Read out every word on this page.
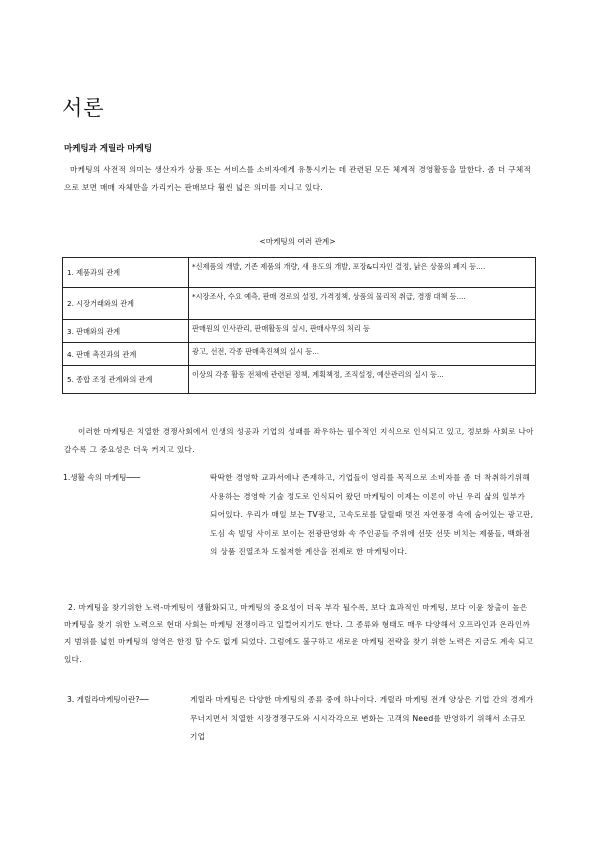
서론
마케팅과 게릴라 마케팅
마케팅의 사전적 의미는 생산자가 상품 또는 서비스를 소비자에게 유통시키는 데 관련된 모든 체계적 경영활동을 말한다. 좀 더 구체적으로 보면 매매 자체만을 가리키는 판매보다 훨씬 넓은 의미를 지니고 있다.
<마케팅의 여러 관계>
1. 제품과의 관계	*신제품의 개발, 기존 제품의 개량, 새 용도의 개발, 포장&디자인 결정, 낡은 상품의 폐지 등....
2. 시장거래와의 관계	*시장조사, 수요 예측, 판매 경로의 설정, 가격정책, 상품의 물리적 취급, 경쟁 대책 등....
3. 판매와의 관계	판매원의 인사관리, 판매활동의 실시, 판매사무의 처리 등
4. 판매 촉진과의 관계	광고, 선전, 각종 판매촉진책의 실시 등...
5. 종합 조정 관계와의 관계	이상의 각종 활동 전체에 관련된 정책, 계획책정, 조직설정, 예산관리의 실시 등...
이러한 마케팅은 치열한 경쟁사회에서 인생의 성공과 기업의 성패를 좌우하는 필수적인 지식으로 인식되고 있고, 정보화 사회로 나아 갈수록 그 중요성은 더욱 커지고 있다.
1.생활 속의 마케팅───	딱딱한 경영학 교과서에나 존재하고, 기업들이 영리를 목적으로 소비자를 좀 더 착취하기위해 사용하는 경영학 기술 정도로 인식되어 왔던 마케팅이 이제는 이론이 아닌 우리 삶의 일부가 되어있다. 우리가 매일 보는 TV광고, 고속도로를 달릴때 멋진 자연풍경 속에 숨어있는 광고판, 도심 속 빌딩 사이로 보이는 전광판영화 속 주인공들 주위에 선뜻 선뜻 비치는 제품들, 백화점의 상품 진열조차 도철저한 계산을 전제로 한 마케팅이다.
2. 마케팅을 찾기위한 노력-마케팅이 생활화되고, 마케팅의 중요성이 더욱 부각 될수록, 보다 효과적인 마케팅, 보다 이윤 창출이 높은 마케팅을 찾기 위한 노력으로 현대 사회는 마케팅 전쟁이라고 일컬어지기도 한다. 그 종류와 형태도 매우 다양해서 오프라인과 온라인까지 범위를 넓힌 마케팅의 영역은 한정 할 수도 없게 되었다. 그럼에도 불구하고 새로운 마케팅 전략을 찾기 위한 노력은 지금도 계속 되고 있다.
3. 게릴라마케팅이란?──	게릴라 마케팅은 다양한 마케팅의 종류 중에 하나이다. 게릴라 마케팅 전개 양상은 기업 간의 경계가 무너지면서 치열한 시장경쟁구도와 시시각각으로 변화는 고객의 Need를 반영하기 위해서 소규모 기업
